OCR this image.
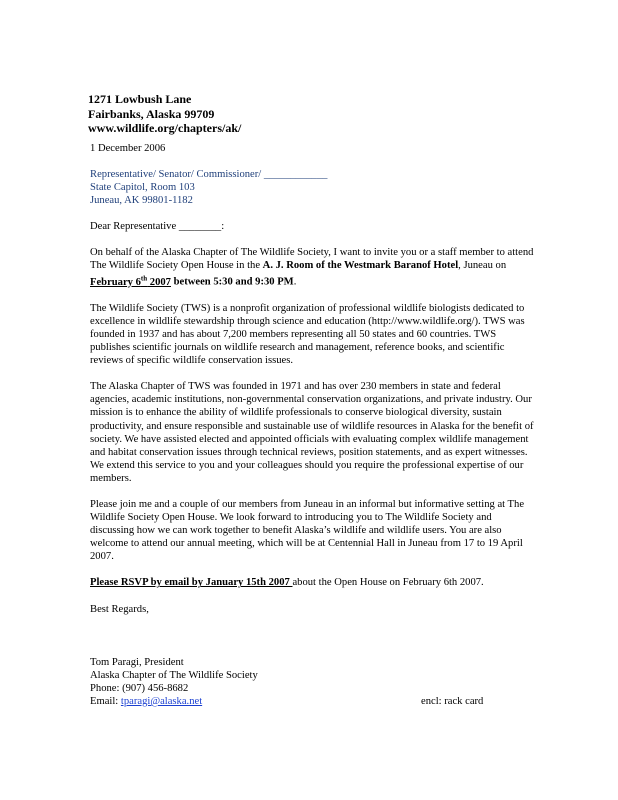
1271 Lowbush Lane
Fairbanks, Alaska 99709
www.wildlife.org/chapters/ak/

1 December 2006

Representative/ Senator/ Commissioner/ ____________
State Capitol, Room 103
Juneau, AK 99801-1182

Dear Representative ________:

On behalf of the Alaska Chapter of The Wildlife Society, I want to invite you or a staff member to attend The Wildlife Society Open House in the A. J. Room of the Westmark Baranof Hotel, Juneau on February 6th 2007 between 5:30 and 9:30 PM.

The Wildlife Society (TWS) is a nonprofit organization of professional wildlife biologists dedicated to excellence in wildlife stewardship through science and education (http://www.wildlife.org/). TWS was founded in 1937 and has about 7,200 members representing all 50 states and 60 countries. TWS publishes scientific journals on wildlife research and management, reference books, and scientific reviews of specific wildlife conservation issues.

The Alaska Chapter of TWS was founded in 1971 and has over 230 members in state and federal agencies, academic institutions, non-governmental conservation organizations, and private industry. Our mission is to enhance the ability of wildlife professionals to conserve biological diversity, sustain productivity, and ensure responsible and sustainable use of wildlife resources in Alaska for the benefit of society. We have assisted elected and appointed officials with evaluating complex wildlife management and habitat conservation issues through technical reviews, position statements, and as expert witnesses. We extend this service to you and your colleagues should you require the professional expertise of our members.

Please join me and a couple of our members from Juneau in an informal but informative setting at The Wildlife Society Open House. We look forward to introducing you to The Wildlife Society and discussing how we can work together to benefit Alaska’s wildlife and wildlife users. You are also welcome to attend our annual meeting, which will be at Centennial Hall in Juneau from 17 to 19 April 2007.

Please RSVP by email by January 15th 2007 about the Open House on February 6th 2007.

Best Regards,

Tom Paragi, President
Alaska Chapter of The Wildlife Society
Phone: (907) 456-8682
Email: tparagi@alaska.net	encl: rack card
